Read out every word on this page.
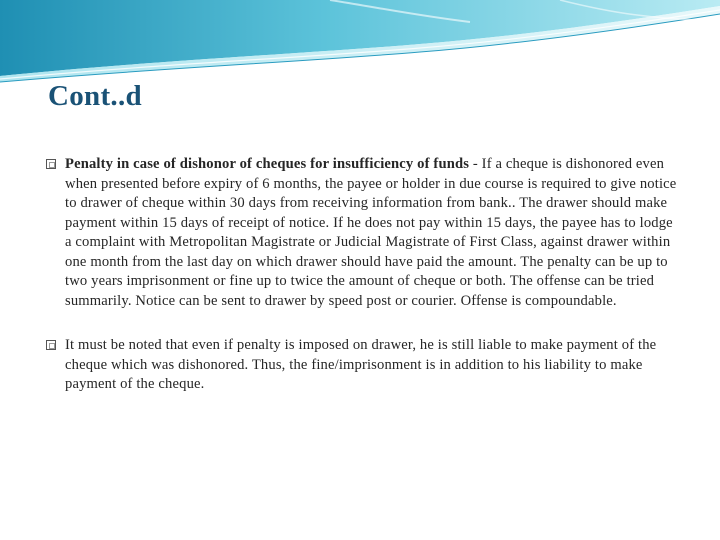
Cont..d
Penalty in case of dishonor of cheques for insufficiency of funds - If a cheque is dishonored even when presented before expiry of 6 months, the payee or holder in due course is required to give notice to drawer of cheque within 30 days from receiving information from bank.. The drawer should make payment within 15 days of receipt of notice. If he does not pay within 15 days, the payee has to lodge a complaint with Metropolitan Magistrate or Judicial Magistrate of First Class, against drawer within one month from the last day on which drawer should have paid the amount. The penalty can be up to two years imprisonment or fine up to twice the amount of cheque or both. The offense can be tried summarily. Notice can be sent to drawer by speed post or courier. Offense is compoundable.
It must be noted that even if penalty is imposed on drawer, he is still liable to make payment of the cheque which was dishonored. Thus, the fine/imprisonment is in addition to his liability to make payment of the cheque.
